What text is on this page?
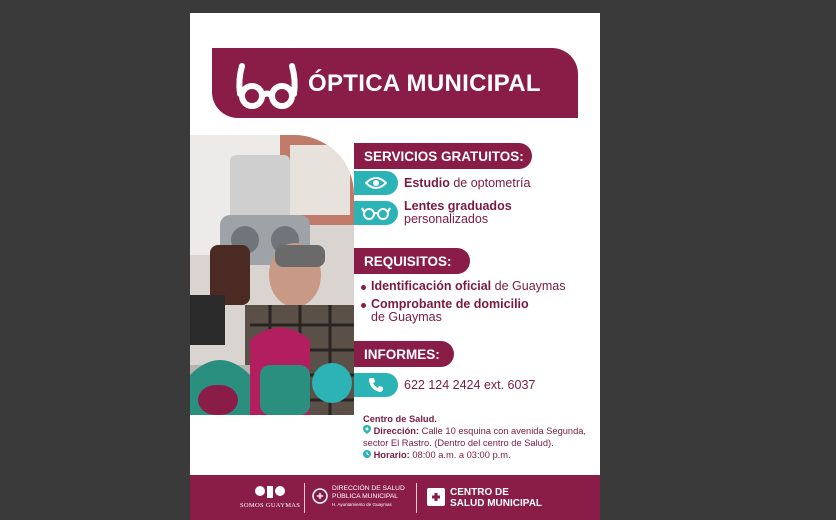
ÓPTICA MUNICIPAL
SERVICIOS GRATUITOS:
Estudio de optometría
Lentes graduados
personalizados
REQUISITOS:
Identificación oficial de Guaymas
Comprobante de domicilio
de Guaymas
INFORMES:
622 124 2424 ext. 6037
Centro de Salud.
Dirección: Calle 10 esquina con avenida Segunda,
sector El Rastro. (Dentro del centro de Salud).
Horario: 08:00 a.m. a 03:00 p.m.
SOMOS GUAYMAS
DIRECCIÓN DE SALUD
PÚBLICA MUNICIPAL
H. Ayuntamiento de Guaymas
CENTRO DE
SALUD MUNICIPAL
